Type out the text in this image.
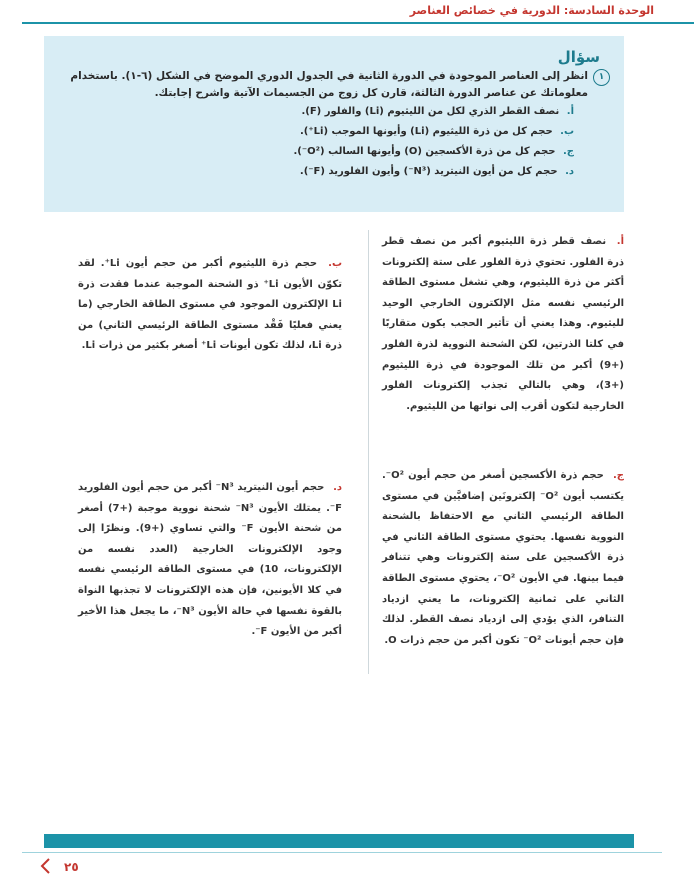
الوحدة السادسة: الدورية في خصائص العناصر
سؤال
١
انظر إلى العناصر الموجودة في الدورة الثانية في الجدول الدوري الموضح في الشكل (٦-١). باستخدام معلوماتك عن عناصر الدورة الثالثة، قارن كل زوج من الجسيمات الآتية واشرح إجابتك.
أ. نصف القطر الذري لكل من الليثيوم (Li) والفلور (F).
ب. حجم كل من ذرة الليثيوم (Li) وأيونها الموجب (Li⁺).
ج. حجم كل من ذرة الأكسجين (O) وأيونها السالب (O²⁻).
د. حجم كل من أيون النيتريد (N³⁻) وأيون الفلوريد (F⁻).
أ. نصف قطر ذرة الليثيوم أكبر من نصف قطر ذرة الفلور. تحتوي ذرة الفلور على ستة إلكترونات أكثر من ذرة الليثيوم، وهي تشغل مستوى الطاقة الرئيسي نفسه مثل الإلكترون الخارجي الوحيد لليثيوم. وهذا يعني أن تأثير الحجب يكون متقاربًا في كلتا الذرتين، لكن الشحنة النووية لذرة الفلور (+9) أكبر من تلك الموجودة في ذرة الليثيوم (+3)، وهي بالتالي تجذب إلكترونات الفلور الخارجية لتكون أقرب إلى نواتها من الليثيوم.
ب. حجم ذرة الليثيوم أكبر من حجم أيون Li⁺. لقد تكوّن الأيون Li⁺ ذو الشحنة الموجبة عندما فقدت ذرة Li الإلكترون الموجود في مستوى الطاقة الخارجي (ما يعني فعليًا فَقْد مستوى الطاقة الرئيسي الثاني) من ذرة Li، لذلك تكون أيونات Li⁺ أصغر بكثير من ذرات Li.
ج. حجم ذرة الأكسجين أصغر من حجم أيون O²⁻. يكتسب أيون O²⁻ إلكترونَين إضافيَّين في مستوى الطاقة الرئيسي الثاني مع الاحتفاظ بالشحنة النووية نفسها. يحتوي مستوى الطاقة الثاني في ذرة الأكسجين على ستة إلكترونات وهي تتنافر فيما بينها. في الأيون O²⁻، يحتوي مستوى الطاقة الثاني على ثمانية إلكترونات، ما يعني ازدياد التنافر، الذي يؤدي إلى ازدياد نصف القطر. لذلك فإن حجم أيونات O²⁻ تكون أكبر من حجم ذرات O.
د. حجم أيون النيتريد N³⁻ أكبر من حجم أيون الفلوريد F⁻. يمتلك الأيون N³⁻ شحنة نووية موجبة (+7) أصغر من شحنة الأيون F⁻ والتي تساوي (+9). ونظرًا إلى وجود الإلكترونات الخارجية (العدد نفسه من الإلكترونات، 10) في مستوى الطاقة الرئيسي نفسه في كلا الأيونين، فإن هذه الإلكترونات لا تجذبها النواة بالقوة نفسها في حالة الأيون N³⁻، ما يجعل هذا الأخير أكبر من الأيون F⁻.
٢٥
